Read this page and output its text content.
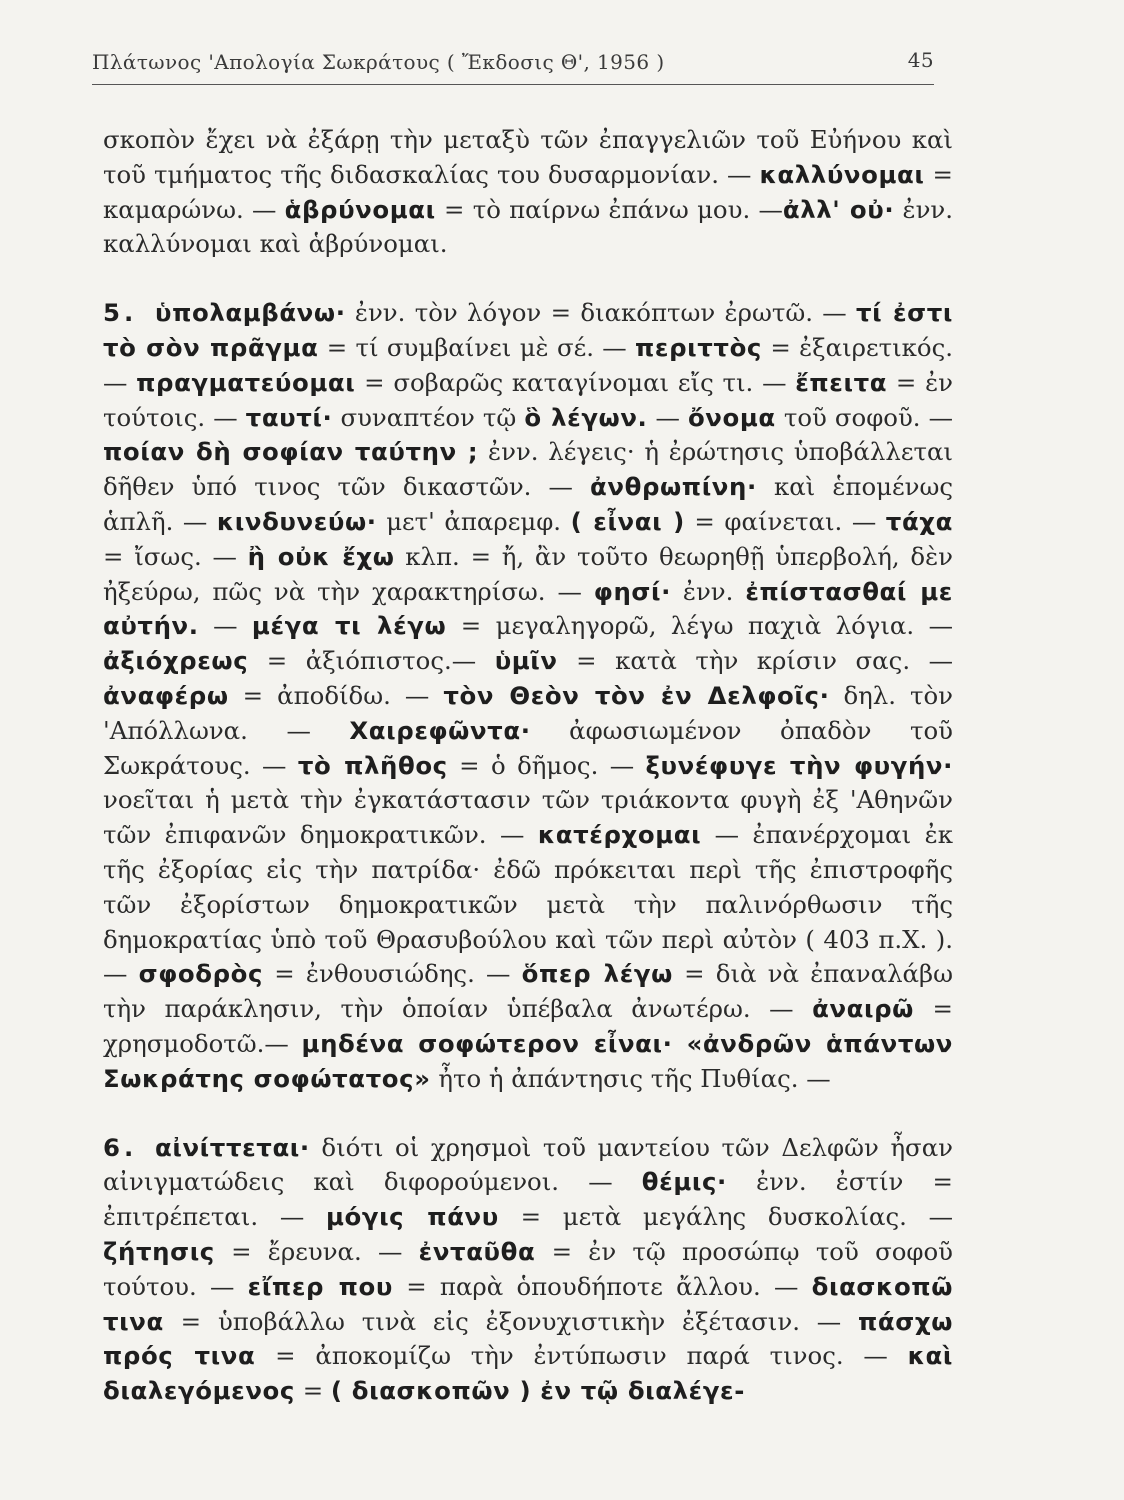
Πλάτωνος 'Απολογία Σωκράτους ( Ἔκδοσις Θ', 1956 )	45

σκοπὸν ἔχει νὰ ἐξάρῃ τὴν μεταξὺ τῶν ἐπαγγελιῶν τοῦ Εὐήνου καὶ τοῦ τμήματος τῆς διδασκαλίας του δυσαρμονίαν. — καλλύνομαι = καμαρώνω. — ἁβρύνομαι = τὸ παίρνω ἐπάνω μου. —ἀλλ' οὐ· ἐνν. καλλύνομαι καὶ ἁβρύνομαι.

5. ὑπολαμβάνω· ἐνν. τὸν λόγον = διακόπτων ἐρωτῶ. — τί ἐστι τὸ σὸν πρᾶγμα = τί συμβαίνει μὲ σέ. — περιττὸς = ἐξαιρετικός. — πραγματεύομαι = σοβαρῶς καταγίνομαι εἴς τι. — ἔπειτα = ἐν τούτοις. — ταυτί· συναπτέον τῷ ὃ λέγων. — ὄνομα τοῦ σοφοῦ. — ποίαν δὴ σοφίαν ταύτην ; ἐνν. λέγεις· ἡ ἐρώτησις ὑποβάλλεται δῆθεν ὑπό τινος τῶν δικαστῶν. — ἀνθρωπίνη· καὶ ἑπομένως ἁπλῆ. — κινδυνεύω· μετ' ἀπαρεμφ. ( εἶναι ) = φαίνεται. — τάχα = ἴσως. — ἢ οὐκ ἔχω κλπ. = ἤ, ἂν τοῦτο θεωρηθῇ ὑπερβολή, δὲν ἠξεύρω, πῶς νὰ τὴν χαρακτηρίσω. — φησί· ἐνν. ἐπίστασθαί με αὐτήν. — μέγα τι λέγω = μεγαληγορῶ, λέγω παχιὰ λόγια. — ἀξιόχρεως = ἀξιόπιστος.— ὑμῖν = κατὰ τὴν κρίσιν σας. — ἀναφέρω = ἀποδίδω. — τὸν Θεὸν τὸν ἐν Δελφοῖς· δηλ. τὸν 'Απόλλωνα. — Χαιρεφῶντα· ἀφωσιωμένον ὀπαδὸν τοῦ Σωκράτους. — τὸ πλῆθος = ὁ δῆμος. — ξυνέφυγε τὴν φυγήν· νοεῖται ἡ μετὰ τὴν ἐγκατάστασιν τῶν τριάκοντα φυγὴ ἐξ 'Αθηνῶν τῶν ἐπιφανῶν δημοκρατικῶν. — κατέρχομαι — ἐπανέρχομαι ἐκ τῆς ἐξορίας εἰς τὴν πατρίδα· ἐδῶ πρόκειται περὶ τῆς ἐπιστροφῆς τῶν ἐξορίστων δημοκρατικῶν μετὰ τὴν παλινόρθωσιν τῆς δημοκρατίας ὑπὸ τοῦ Θρασυβούλου καὶ τῶν περὶ αὐτὸν ( 403 π.Χ. ).— σφοδρὸς = ἐνθουσιώδης. — ὅπερ λέγω = διὰ νὰ ἐπαναλάβω τὴν παράκλησιν, τὴν ὁποίαν ὑπέβαλα ἀνωτέρω. — ἀναιρῶ = χρησμοδοτῶ.— μηδένα σοφώτερον εἶναι· «ἀνδρῶν ἁπάντων Σωκράτης σοφώτατος» ἦτο ἡ ἀπάντησις τῆς Πυθίας. —

6. αἰνίττεται· διότι οἱ χρησμοὶ τοῦ μαντείου τῶν Δελφῶν ἦσαν αἰνιγματώδεις καὶ διφορούμενοι. — θέμις· ἐνν. ἐστίν = ἐπιτρέπεται. — μόγις πάνυ = μετὰ μεγάλης δυσκολίας. — ζήτησις = ἔρευνα. — ἐνταῦθα = ἐν τῷ προσώπῳ τοῦ σοφοῦ τούτου. — εἴπερ που = παρὰ ὁπουδήποτε ἄλλου. — διασκοπῶ τινα = ὑποβάλλω τινὰ εἰς ἐξονυχιστικὴν ἐξέτασιν. — πάσχω πρός τινα = ἀποκομίζω τὴν ἐντύπωσιν παρά τινος. — καὶ διαλεγόμενος = ( διασκοπῶν ) ἐν τῷ διαλέγε-
